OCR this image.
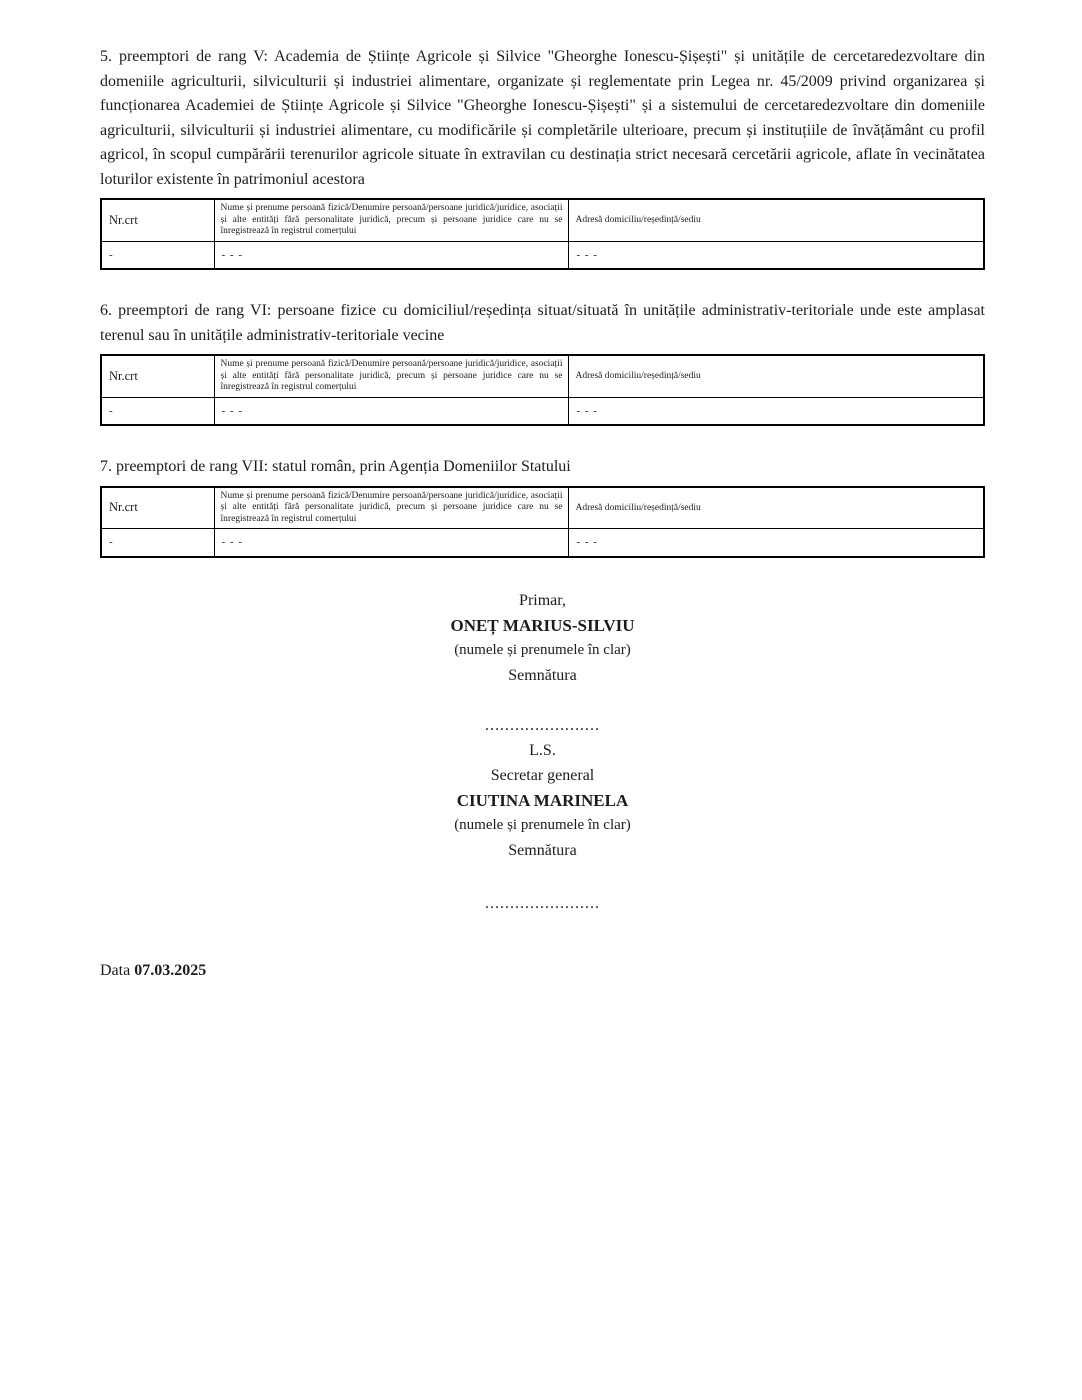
5. preemptori de rang V: Academia de Științe Agricole și Silvice "Gheorghe Ionescu-Șișești" și unitățile de cercetaredezvoltare din domeniile agriculturii, silviculturii și industriei alimentare, organizate și reglementate prin Legea nr. 45/2009 privind organizarea și funcționarea Academiei de Științe Agricole și Silvice "Gheorghe Ionescu-Șișești" și a sistemului de cercetaredezvoltare din domeniile agriculturii, silviculturii și industriei alimentare, cu modificările și completările ulterioare, precum și instituțiile de învățământ cu profil agricol, în scopul cumpărării terenurilor agricole situate în extravilan cu destinația strict necesară cercetării agricole, aflate în vecinătatea loturilor existente în patrimoniul acestora

Nr.crt	Nume și prenume persoană fizică/Denumire persoană/persoane juridică/juridice, asociații și alte entități fără personalitate juridică, precum și persoane juridice care nu se înregistrează în registrul comerțului	Adresă domiciliu/reședință/sediu
-	- - -	- - -

6. preemptori de rang VI: persoane fizice cu domiciliul/reședința situat/situată în unitățile administrativ-teritoriale unde este amplasat terenul sau în unitățile administrativ-teritoriale vecine

Nr.crt	Nume și prenume persoană fizică/Denumire persoană/persoane juridică/juridice, asociații și alte entități fără personalitate juridică, precum și persoane juridice care nu se înregistrează în registrul comerțului	Adresă domiciliu/reședință/sediu
-	- - -	- - -

7. preemptori de rang VII: statul român, prin Agenția Domeniilor Statului

Nr.crt	Nume și prenume persoană fizică/Denumire persoană/persoane juridică/juridice, asociații și alte entități fără personalitate juridică, precum și persoane juridice care nu se înregistrează în registrul comerțului	Adresă domiciliu/reședință/sediu
-	- - -	- - -
Primar,
ONEȚ MARIUS-SILVIU
(numele și prenumele în clar)
Semnătura
.......................
L.S.
Secretar general
CIUTINA MARINELA
(numele și prenumele în clar)
Semnătura
.......................
Data 07.03.2025
